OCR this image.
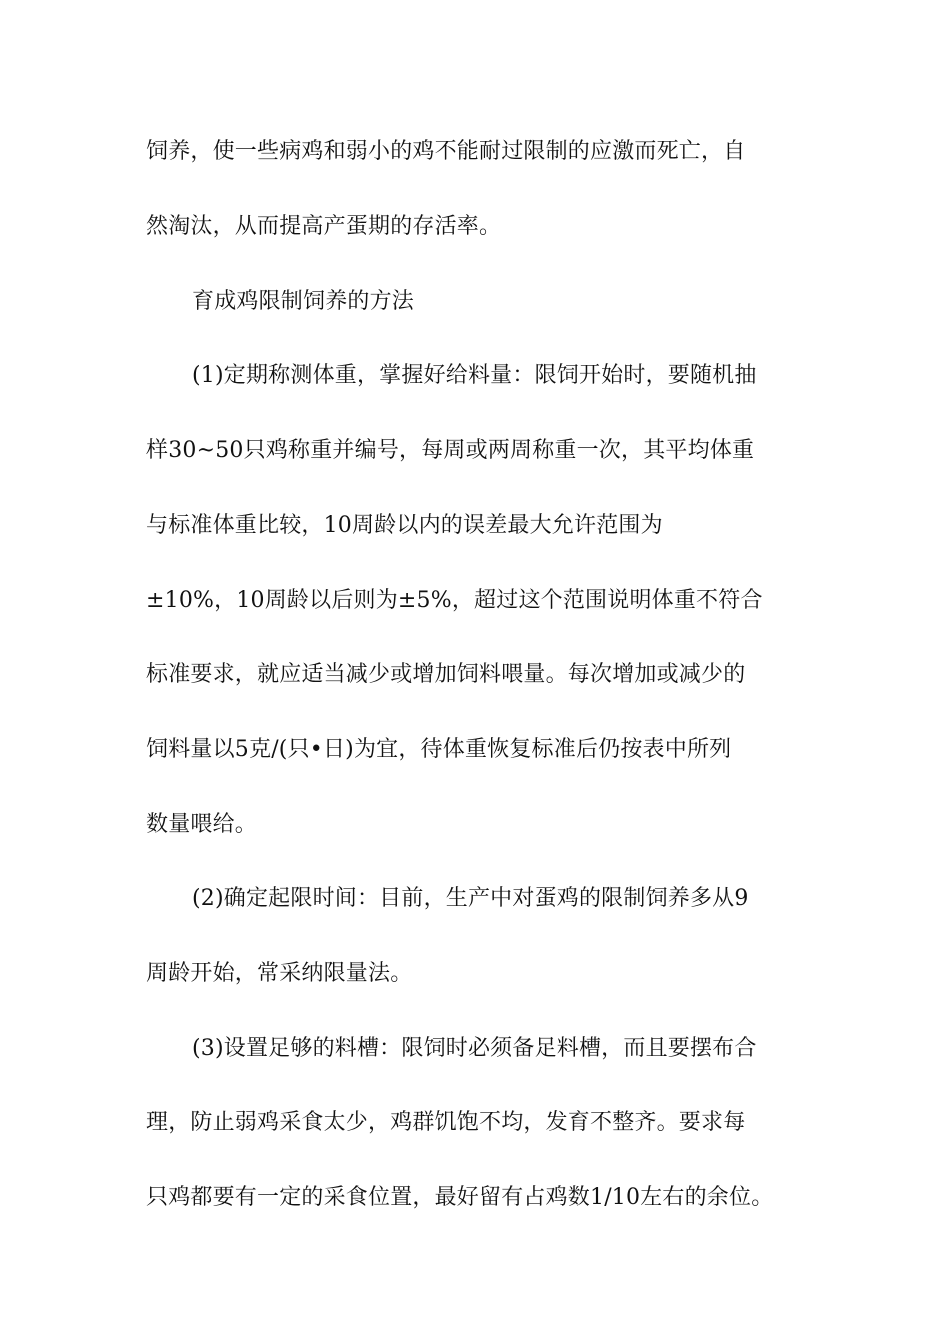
饲养，使一些病鸡和弱小的鸡不能耐过限制的应激而死亡，自
然淘汰，从而提高产蛋期的存活率。
育成鸡限制饲养的方法
(1)定期称测体重，掌握好给料量：限饲开始时，要随机抽
样30~50只鸡称重并编号，每周或两周称重一次，其平均体重
与标准体重比较，10周龄以内的误差最大允许范围为
±10%，10周龄以后则为±5%，超过这个范围说明体重不符合
标准要求，就应适当减少或增加饲料喂量。每次增加或减少的
饲料量以5克/(只•日)为宜，待体重恢复标准后仍按表中所列
数量喂给。
(2)确定起限时间：目前，生产中对蛋鸡的限制饲养多从9
周龄开始，常采纳限量法。
(3)设置足够的料槽：限饲时必须备足料槽，而且要摆布合
理，防止弱鸡采食太少，鸡群饥饱不均，发育不整齐。要求每
只鸡都要有一定的采食位置，最好留有占鸡数1/10左右的余位。
